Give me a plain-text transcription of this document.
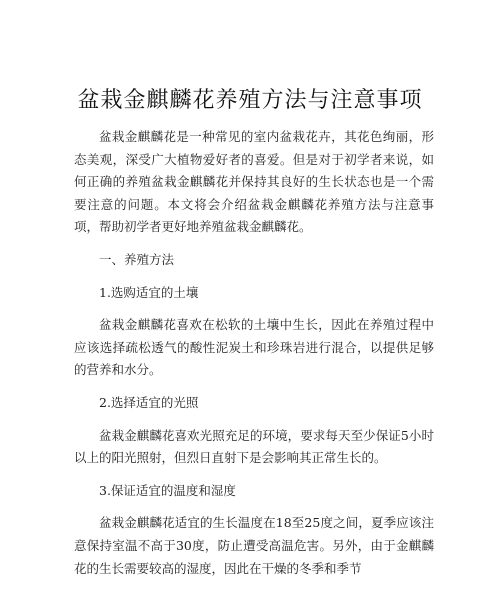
盆栽金麒麟花养殖方法与注意事项

盆栽金麒麟花是一种常见的室内盆栽花卉，其花色绚丽，形态美观，深受广大植物爱好者的喜爱。但是对于初学者来说，如何正确的养殖盆栽金麒麟花并保持其良好的生长状态也是一个需要注意的问题。本文将会介绍盆栽金麒麟花养殖方法与注意事项，帮助初学者更好地养殖盆栽金麒麟花。

一、养殖方法

1.选购适宜的土壤

盆栽金麒麟花喜欢在松软的土壤中生长，因此在养殖过程中应该选择疏松透气的酸性泥炭土和珍珠岩进行混合，以提供足够的营养和水分。

2.选择适宜的光照

盆栽金麒麟花喜欢光照充足的环境，要求每天至少保证5小时以上的阳光照射，但烈日直射下是会影响其正常生长的。

3.保证适宜的温度和湿度

盆栽金麒麟花适宜的生长温度在18至25度之间，夏季应该注意保持室温不高于30度，防止遭受高温危害。另外，由于金麒麟花的生长需要较高的湿度，因此在干燥的冬季和季节
